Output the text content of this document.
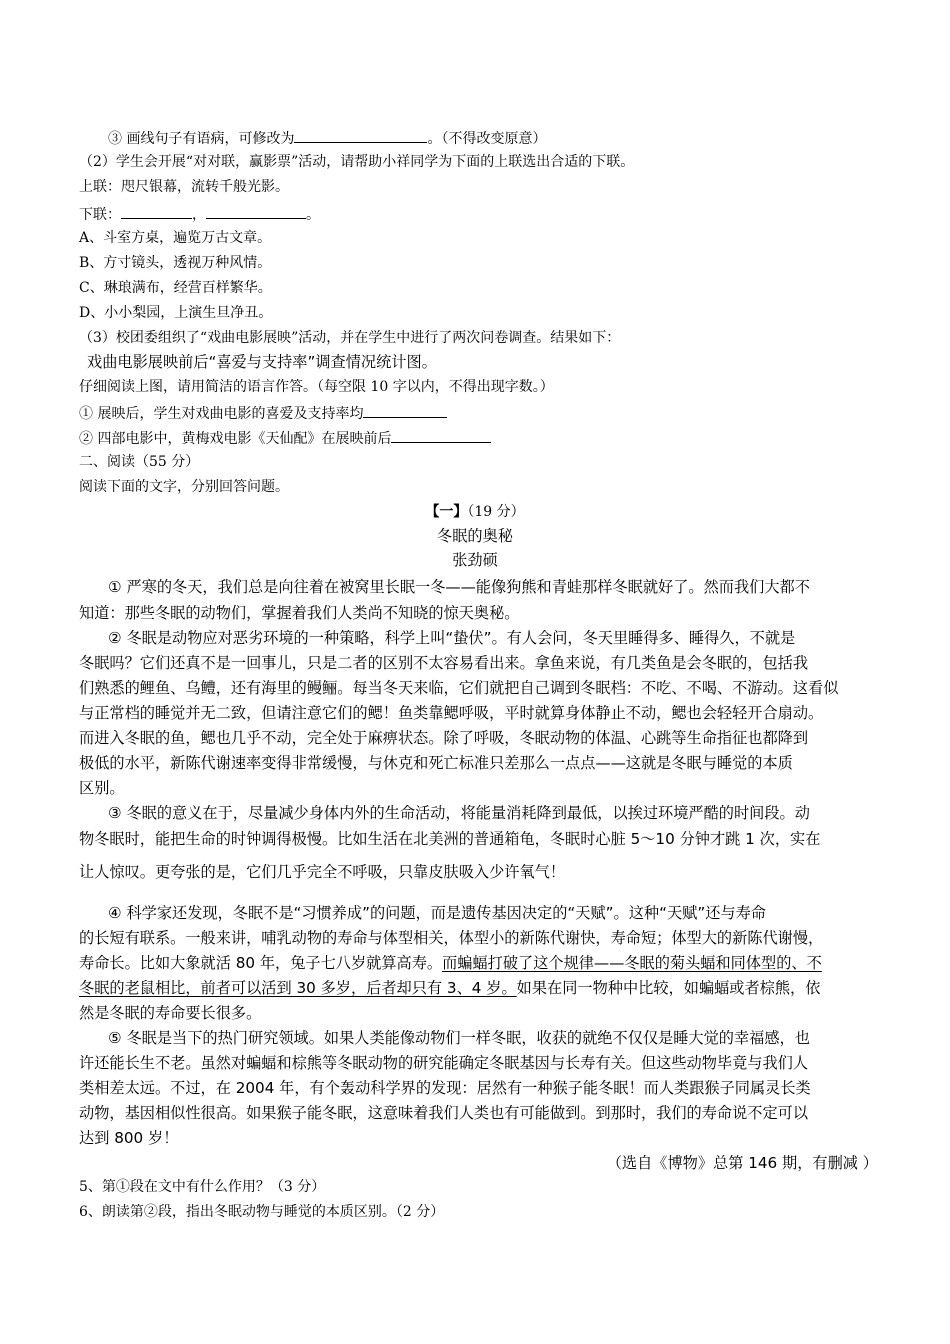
③ 画线句子有语病，可修改为	。（不得改变原意）
（2）学生会开展“对对联，赢影票”活动，请帮助小祥同学为下面的上联选出合适的下联。
上联：咫尺银幕，流转千般光影。
下联：	，	。
A、斗室方桌，遍览万古文章。
B、方寸镜头，透视万种风情。
C、琳琅满布，经营百样繁华。
D、小小梨园，上演生旦净丑。
（3）校团委组织了“戏曲电影展映”活动，并在学生中进行了两次问卷调查。结果如下：
戏曲电影展映前后“喜爱与支持率”调查情况统计图。
仔细阅读上图，请用简洁的语言作答。（每空限 10 字以内，不得出现字数。）
① 展映后，学生对戏曲电影的喜爱及支持率均
② 四部电影中，黄梅戏电影《天仙配》在展映前后
二、阅读（55 分）
阅读下面的文字，分别回答问题。
【一】（19 分）
冬眠的奥秘
张劲硕
① 严寒的冬天，我们总是向往着在被窝里长眠一冬——能像狗熊和青蛙那样冬眠就好了。然而我们大都不
知道：那些冬眠的动物们，掌握着我们人类尚不知晓的惊天奥秘。
② 冬眠是动物应对恶劣环境的一种策略，科学上叫“蛰伏”。有人会问，冬天里睡得多、睡得久，不就是
冬眠吗？它们还真不是一回事儿，只是二者的区别不太容易看出来。拿鱼来说，有几类鱼是会冬眠的，包括我
们熟悉的鲤鱼、乌鳢，还有海里的鳗鲡。每当冬天来临，它们就把自己调到冬眠档：不吃、不喝、不游动。这看似
与正常档的睡觉并无二致，但请注意它们的鳃！鱼类靠鳃呼吸，平时就算身体静止不动，鳃也会轻轻开合扇动。
而进入冬眠的鱼，鳃也几乎不动，完全处于麻痹状态。除了呼吸，冬眠动物的体温、心跳等生命指征也都降到
极低的水平，新陈代谢速率变得非常缓慢，与休克和死亡标准只差那么一点点——这就是冬眠与睡觉的本质
区别。
③ 冬眠的意义在于，尽量减少身体内外的生命活动，将能量消耗降到最低，以挨过环境严酷的时间段。动
物冬眠时，能把生命的时钟调得极慢。比如生活在北美洲的普通箱龟，冬眠时心脏 5～10 分钟才跳 1 次，实在
让人惊叹。更夸张的是，它们几乎完全不呼吸，只靠皮肤吸入少许氧气！
④ 科学家还发现，冬眠不是“习惯养成”的问题，而是遗传基因决定的“天赋”。这种“天赋”还与寿命
的长短有联系。一般来讲，哺乳动物的寿命与体型相关，体型小的新陈代谢快，寿命短；体型大的新陈代谢慢，
寿命长。比如大象就活 80 年，兔子七八岁就算高寿。而蝙蝠打破了这个规律——冬眠的菊头蝠和同体型的、不
冬眠的老鼠相比，前者可以活到 30 多岁，后者却只有 3、4 岁。如果在同一物种中比较，如蝙蝠或者棕熊，依
然是冬眠的寿命要长很多。
⑤ 冬眠是当下的热门研究领域。如果人类能像动物们一样冬眠，收获的就绝不仅仅是睡大觉的幸福感，也
许还能长生不老。虽然对蝙蝠和棕熊等冬眠动物的研究能确定冬眠基因与长寿有关。但这些动物毕竟与我们人
类相差太远。不过，在 2004 年，有个轰动科学界的发现：居然有一种猴子能冬眠！而人类跟猴子同属灵长类
动物，基因相似性很高。如果猴子能冬眠，这意味着我们人类也有可能做到。到那时，我们的寿命说不定可以
达到 800 岁！
（选自《博物》总第 146 期，有删减 ）
5、第①段在文中有什么作用？（3 分）
6、朗读第②段，指出冬眠动物与睡觉的本质区别。（2 分）
